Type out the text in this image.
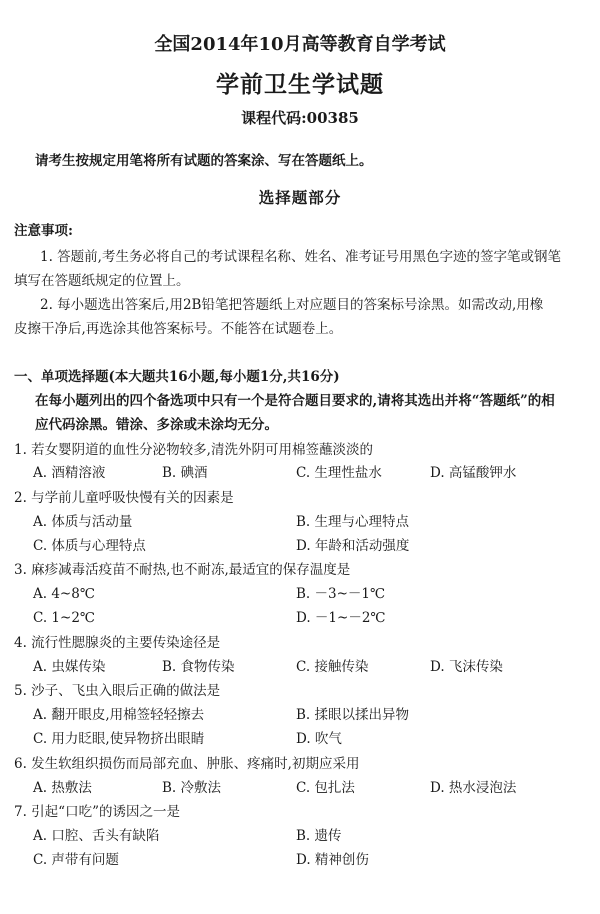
全国2014年10月高等教育自学考试
学前卫生学试题
课程代码:00385
请考生按规定用笔将所有试题的答案涂、写在答题纸上。
选择题部分
注意事项:
1. 答题前,考生务必将自己的考试课程名称、姓名、准考证号用黑色字迹的签字笔或钢笔
填写在答题纸规定的位置上。
2. 每小题选出答案后,用2B铅笔把答题纸上对应题目的答案标号涂黑。如需改动,用橡
皮擦干净后,再选涂其他答案标号。不能答在试题卷上。
一、单项选择题(本大题共16小题,每小题1分,共16分)
在每小题列出的四个备选项中只有一个是符合题目要求的,请将其选出并将“答题纸”的相
应代码涂黑。错涂、多涂或未涂均无分。
1. 若女婴阴道的血性分泌物较多,清洗外阴可用棉签蘸淡淡的
A. 酒精溶液	B. 碘酒	C. 生理性盐水	D. 高锰酸钾水
2. 与学前儿童呼吸快慢有关的因素是
A. 体质与活动量	B. 生理与心理特点
C. 体质与心理特点	D. 年龄和活动强度
3. 麻疹减毒活疫苗不耐热,也不耐冻,最适宜的保存温度是
A. 4~8℃	B. －3~－1℃
C. 1~2℃	D. －1~－2℃
4. 流行性腮腺炎的主要传染途径是
A. 虫媒传染	B. 食物传染	C. 接触传染	D. 飞沫传染
5. 沙子、飞虫入眼后正确的做法是
A. 翻开眼皮,用棉签轻轻擦去	B. 揉眼以揉出异物
C. 用力眨眼,使异物挤出眼睛	D. 吹气
6. 发生软组织损伤而局部充血、肿胀、疼痛时,初期应采用
A. 热敷法	B. 冷敷法	C. 包扎法	D. 热水浸泡法
7. 引起“口吃”的诱因之一是
A. 口腔、舌头有缺陷	B. 遗传
C. 声带有问题	D. 精神创伤
